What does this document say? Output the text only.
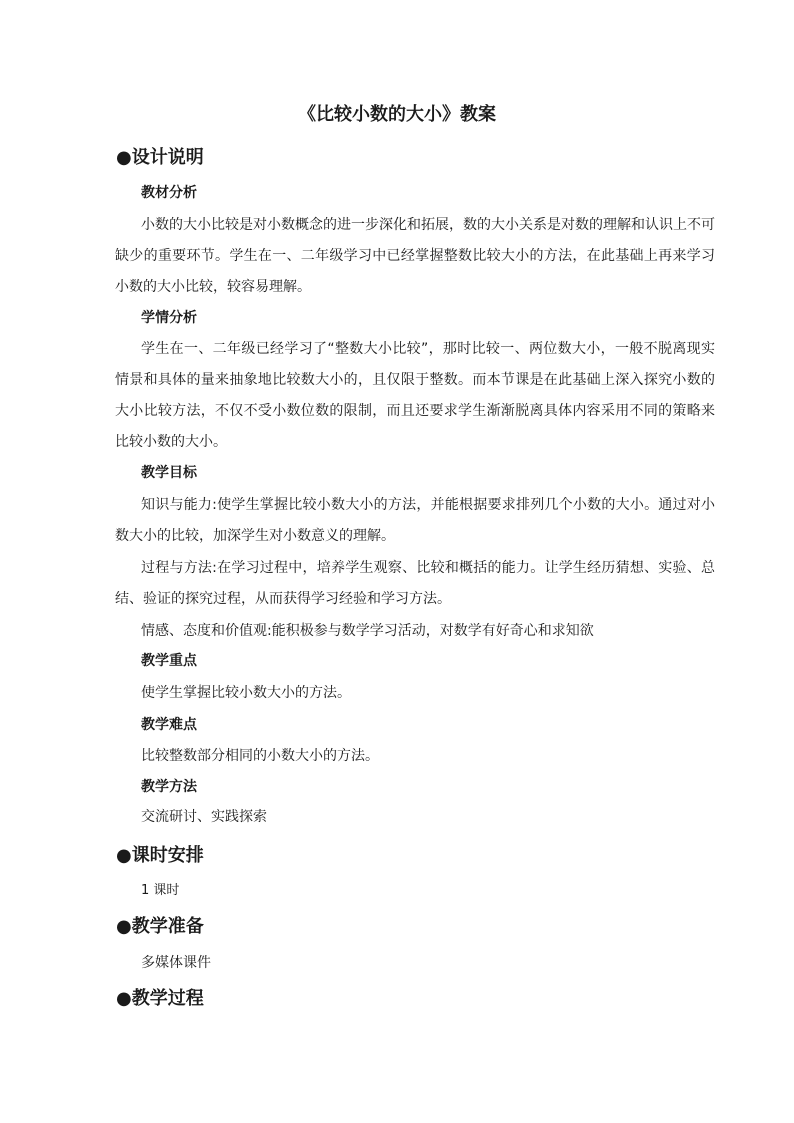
《比较小数的大小》教案
●设计说明
教材分析

小数的大小比较是对小数概念的进一步深化和拓展，数的大小关系是对数的理解和认识上不可缺少的重要环节。学生在一、二年级学习中已经掌握整数比较大小的方法，在此基础上再来学习小数的大小比较，较容易理解。

学情分析

学生在一、二年级已经学习了“整数大小比较”，那时比较一、两位数大小，一般不脱离现实情景和具体的量来抽象地比较数大小的，且仅限于整数。而本节课是在此基础上深入探究小数的大小比较方法，不仅不受小数位数的限制，而且还要求学生渐渐脱离具体内容采用不同的策略来比较小数的大小。

教学目标

知识与能力:使学生掌握比较小数大小的方法，并能根据要求排列几个小数的大小。通过对小数大小的比较，加深学生对小数意义的理解。

过程与方法:在学习过程中，培养学生观察、比较和概括的能力。让学生经历猜想、实验、总结、验证的探究过程，从而获得学习经验和学习方法。

情感、态度和价值观:能积极参与数学学习活动，对数学有好奇心和求知欲

教学重点
使学生掌握比较小数大小的方法。
教学难点
比较整数部分相同的小数大小的方法。
教学方法
交流研讨、实践探索
●课时安排
1 课时
●教学准备
多媒体课件
●教学过程
